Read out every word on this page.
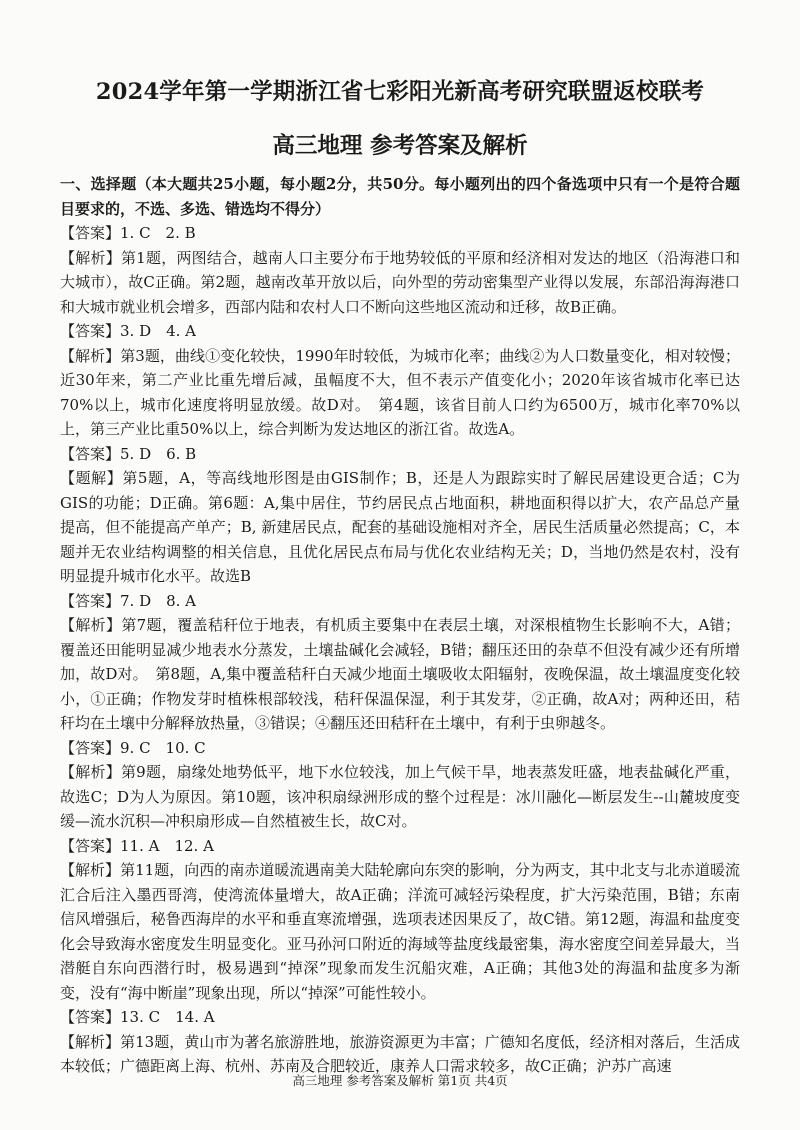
2024学年第一学期浙江省七彩阳光新高考研究联盟返校联考
高三地理 参考答案及解析

一、选择题（本大题共25小题，每小题2分，共50分。每小题列出的四个备选项中只有一个是符合题目要求的，不选、多选、错选均不得分）

【答案】1. C　2. B

【解析】第1题，两图结合，越南人口主要分布于地势较低的平原和经济相对发达的地区（沿海港口和大城市），故C正确。第2题，越南改革开放以后，向外型的劳动密集型产业得以发展，东部沿海海港口和大城市就业机会增多，西部内陆和农村人口不断向这些地区流动和迁移，故B正确。

【答案】3. D　4. A

【解析】第3题，曲线①变化较快，1990年时较低，为城市化率；曲线②为人口数量变化，相对较慢；近30年来，第二产业比重先增后减，虽幅度不大，但不表示产值变化小；2020年该省城市化率已达70%以上，城市化速度将明显放缓。故D对。　第4题，该省目前人口约为6500万，城市化率70%以上，第三产业比重50%以上，综合判断为发达地区的浙江省。故选A。

【答案】5. D　6. B

【题解】第5题，A，等高线地形图是由GIS制作；B，还是人为跟踪实时了解民居建设更合适；C为GIS的功能；D正确。第6题：A,集中居住，节约居民点占地面积，耕地面积得以扩大，农产品总产量提高，但不能提高产单产；B, 新建居民点，配套的基础设施相对齐全，居民生活质量必然提高；C，本题并无农业结构调整的相关信息，且优化居民点布局与优化农业结构无关；D，当地仍然是农村，没有明显提升城市化水平。故选B

【答案】7. D　8. A

【解析】第7题，覆盖秸秆位于地表，有机质主要集中在表层土壤，对深根植物生长影响不大，A错；覆盖还田能明显减少地表水分蒸发，土壤盐碱化会减轻，B错；翻压还田的杂草不但没有减少还有所增加，故D对。　第8题，A,集中覆盖秸秆白天减少地面土壤吸收太阳辐射，夜晚保温，故土壤温度变化较小，①正确；作物发芽时植株根部较浅，秸秆保温保湿，利于其发芽，②正确，故A对；两种还田，秸秆均在土壤中分解释放热量，③错误；④翻压还田秸秆在土壤中，有利于虫卵越冬。

【答案】9. C　10. C

【解析】第9题，扇缘处地势低平，地下水位较浅，加上气候干旱，地表蒸发旺盛，地表盐碱化严重，故选C；D为人为原因。第10题，该冲积扇绿洲形成的整个过程是：冰川融化—断层发生--山麓坡度变缓—流水沉积—冲积扇形成—自然植被生长，故C对。

【答案】11. A　12. A

【解析】第11题，向西的南赤道暖流遇南美大陆轮廓向东突的影响，分为两支，其中北支与北赤道暖流汇合后注入墨西哥湾，使湾流体量增大，故A正确；洋流可减轻污染程度，扩大污染范围，B错；东南信风增强后，秘鲁西海岸的水平和垂直寒流增强，选项表述因果反了，故C错。第12题，海温和盐度变化会导致海水密度发生明显变化。亚马孙河口附近的海域等盐度线最密集，海水密度空间差异最大，当潜艇自东向西潜行时，极易遇到“掉深”现象而发生沉船灾难，A正确；其他3处的海温和盐度多为渐变，没有“海中断崖”现象出现，所以“掉深”可能性较小。

【答案】13. C　14. A

【解析】第13题，黄山市为著名旅游胜地，旅游资源更为丰富；广德知名度低，经济相对落后，生活成本较低；广德距离上海、杭州、苏南及合肥较近，康养人口需求较多，故C正确；沪苏广高速

高三地理 参考答案及解析 第1页 共4页
